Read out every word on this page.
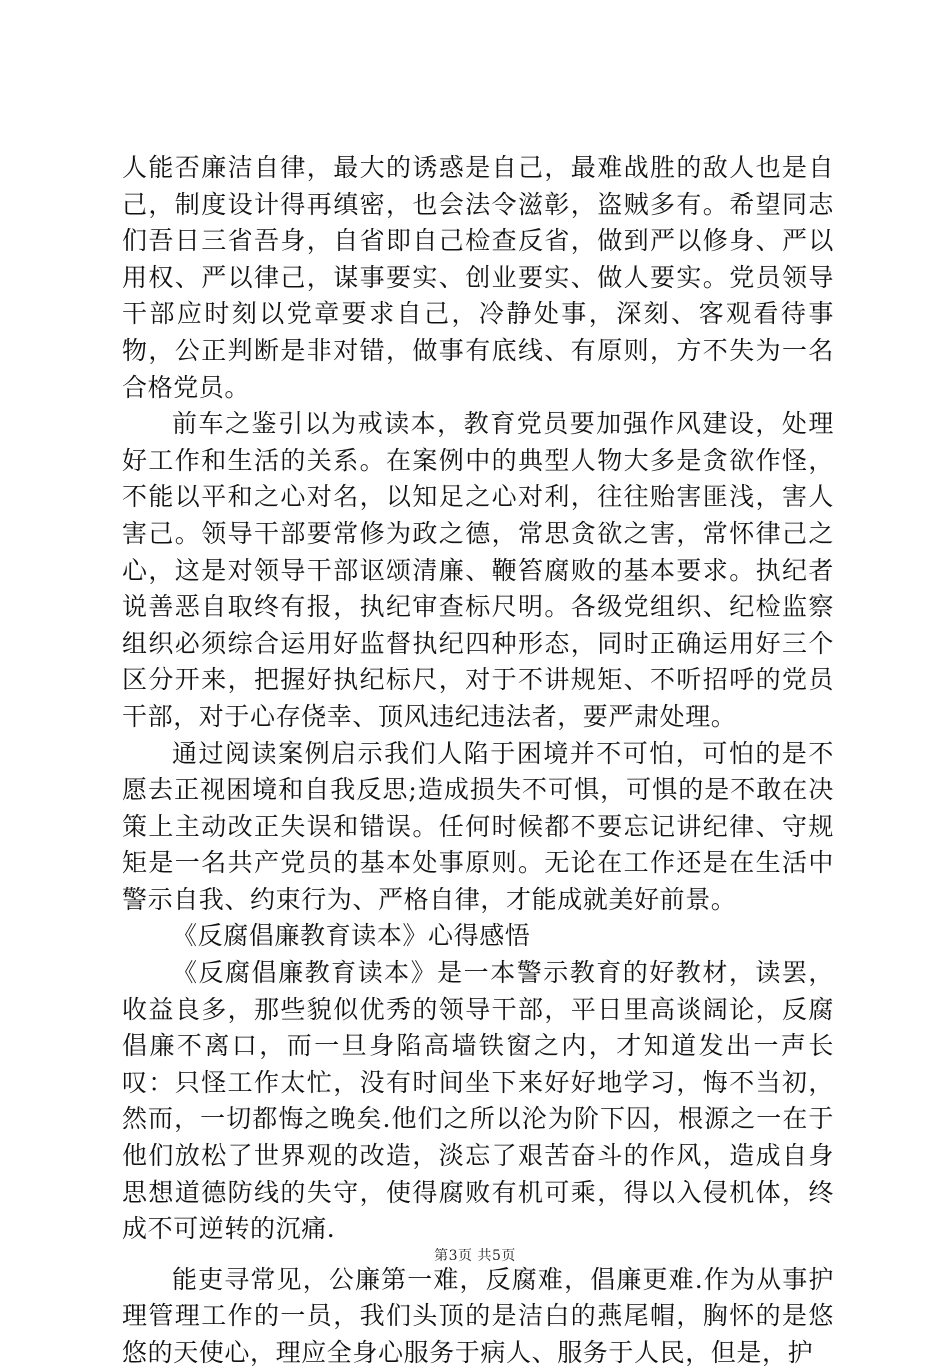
人能否廉洁自律，最大的诱惑是自己，最难战胜的敌人也是自己，制度设计得再缜密，也会法令滋彰，盗贼多有。希望同志们吾日三省吾身，自省即自己检查反省，做到严以修身、严以用权、严以律己，谋事要实、创业要实、做人要实。党员领导干部应时刻以党章要求自己，冷静处事，深刻、客观看待事物，公正判断是非对错，做事有底线、有原则，方不失为一名合格党员。

前车之鉴引以为戒读本，教育党员要加强作风建设，处理好工作和生活的关系。在案例中的典型人物大多是贪欲作怪，不能以平和之心对名，以知足之心对利，往往贻害匪浅，害人害己。领导干部要常修为政之德，常思贪欲之害，常怀律己之心，这是对领导干部讴颂清廉、鞭笞腐败的基本要求。执纪者说善恶自取终有报，执纪审查标尺明。各级党组织、纪检监察组织必须综合运用好监督执纪四种形态，同时正确运用好三个区分开来，把握好执纪标尺，对于不讲规矩、不听招呼的党员干部，对于心存侥幸、顶风违纪违法者，要严肃处理。

通过阅读案例启示我们人陷于困境并不可怕，可怕的是不愿去正视困境和自我反思;造成损失不可惧，可惧的是不敢在决策上主动改正失误和错误。任何时候都不要忘记讲纪律、守规矩是一名共产党员的基本处事原则。无论在工作还是在生活中警示自我、约束行为、严格自律，才能成就美好前景。

《反腐倡廉教育读本》心得感悟

《反腐倡廉教育读本》是一本警示教育的好教材，读罢，收益良多，那些貌似优秀的领导干部，平日里高谈阔论，反腐倡廉不离口，而一旦身陷高墙铁窗之内，才知道发出一声长叹：只怪工作太忙，没有时间坐下来好好地学习，悔不当初，然而，一切都悔之晚矣.他们之所以沦为阶下囚，根源之一在于他们放松了世界观的改造，淡忘了艰苦奋斗的作风，造成自身思想道德防线的失守，使得腐败有机可乘，得以入侵机体，终成不可逆转的沉痛.

能吏寻常见，公廉第一难，反腐难，倡廉更难.作为从事护理管理工作的一员，我们头顶的是洁白的燕尾帽，胸怀的是悠悠的天使心，理应全身心服务于病人、服务于人民，但是，护

第3页 共5页
